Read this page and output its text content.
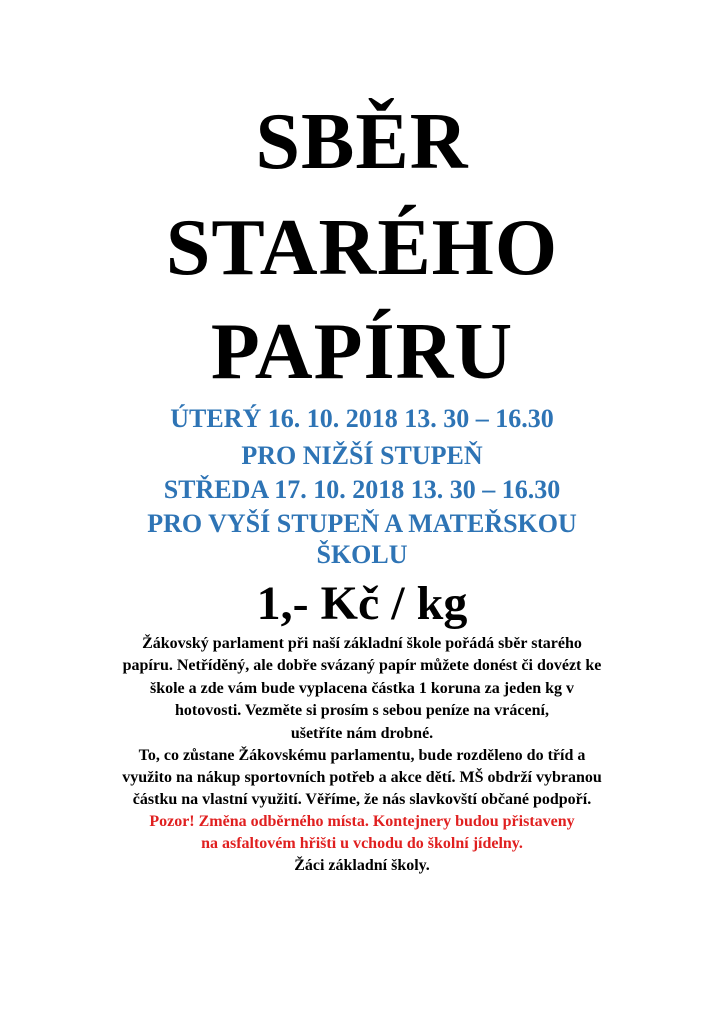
SBĚR
STARÉHO
PAPÍRU

ÚTERÝ 16. 10. 2018 13. 30 – 16.30

PRO NIŽŠÍ STUPEŇ

STŘEDA 17. 10. 2018 13. 30 – 16.30

PRO VYŠÍ STUPEŇ A MATEŘSKOU

ŠKOLU

1,- Kč / kg

Žákovský parlament při naší základní škole pořádá sběr starého

papíru. Netříděný, ale dobře svázaný papír můžete donést či dovézt ke

škole a zde vám bude vyplacena částka 1 koruna za jeden kg v

hotovosti. Vezměte si prosím s sebou peníze na vrácení,

ušetříte nám drobné.

To, co zůstane Žákovskému parlamentu, bude rozděleno do tříd a

využito na nákup sportovních potřeb a akce dětí. MŠ obdrží vybranou

částku na vlastní využití. Věříme, že nás slavkovští občané podpoří.

Pozor! Změna odběrného místa. Kontejnery budou přistaveny

na asfaltovém hřišti u vchodu do školní jídelny.

Žáci základní školy.
